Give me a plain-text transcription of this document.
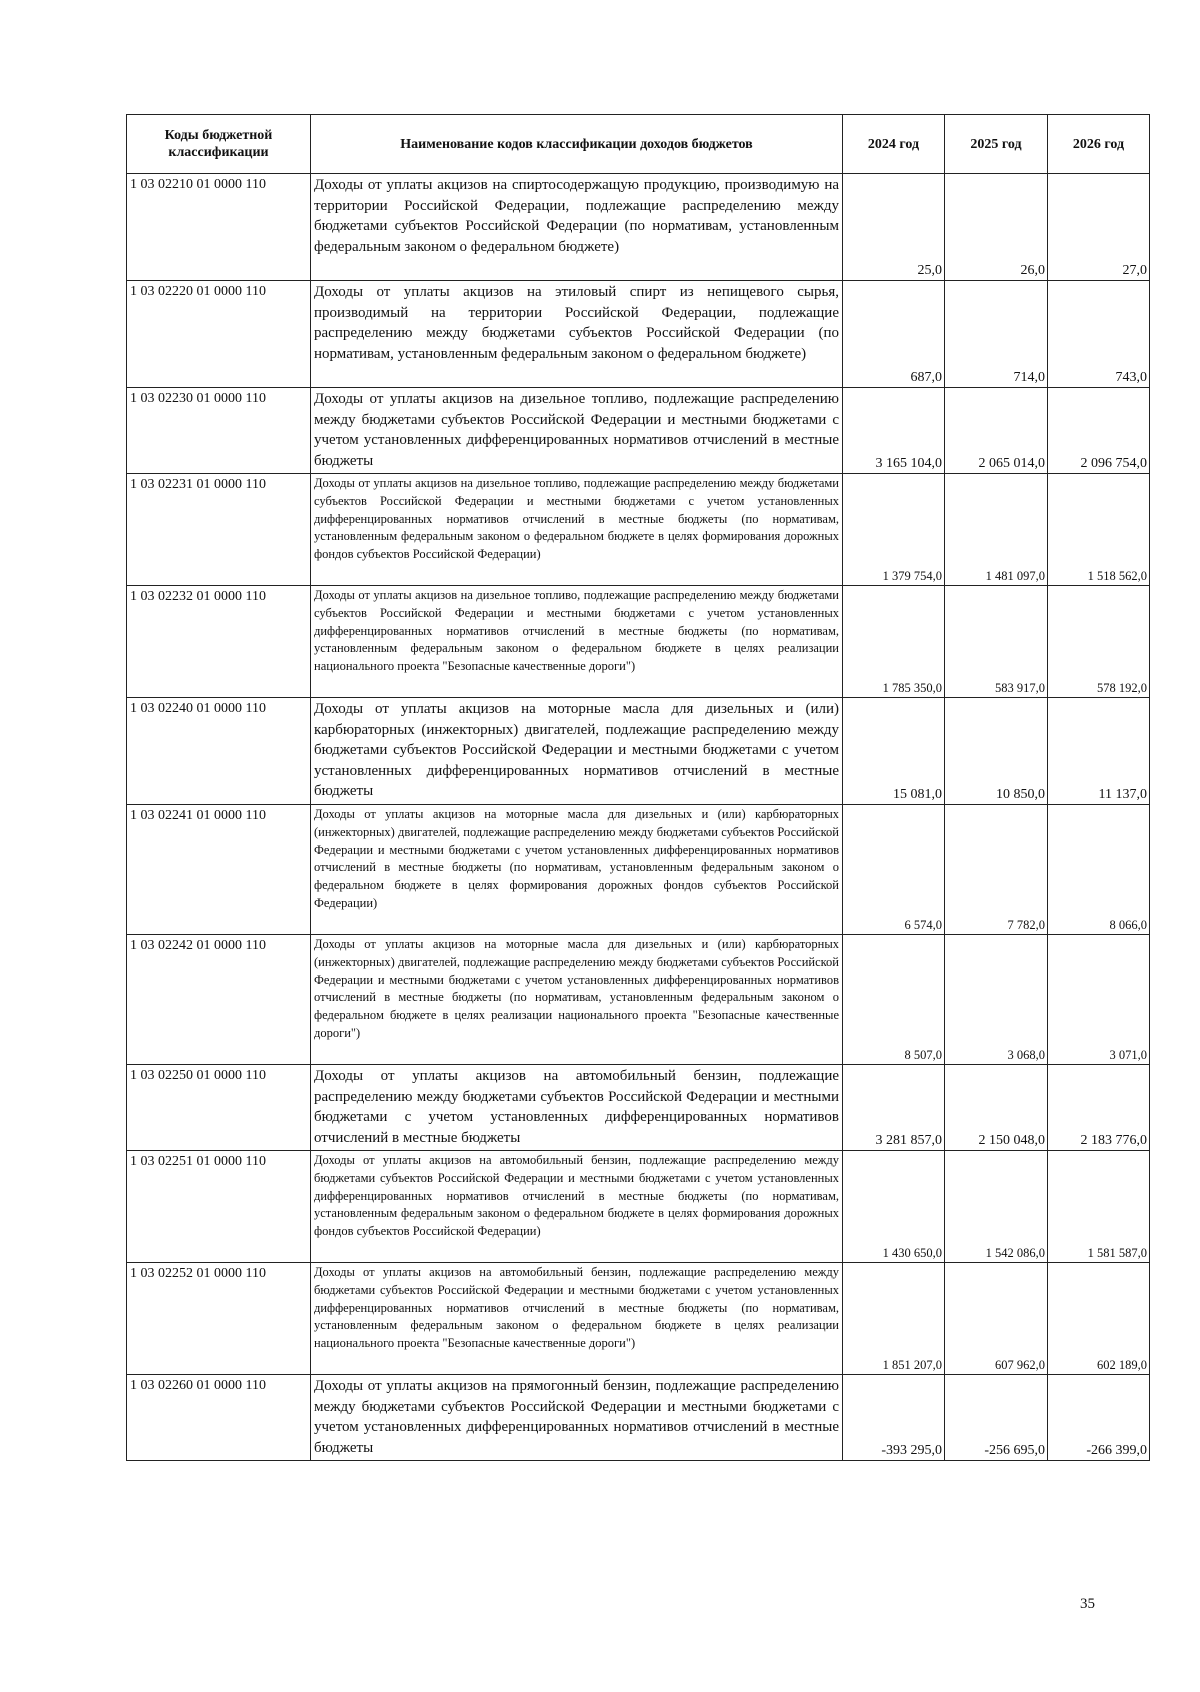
Коды бюджетной классификации	Наименование кодов классификации доходов бюджетов	2024 год	2025 год	2026 год
1 03 02210 01 0000 110	Доходы от уплаты акцизов на спиртосодержащую продукцию, производимую на территории Российской Федерации, подлежащие распределению между бюджетами субъектов Российской Федерации (по нормативам, установленным федеральным законом о федеральном бюджете)	25,0	26,0	27,0
1 03 02220 01 0000 110	Доходы от уплаты акцизов на этиловый спирт из непищевого сырья, производимый на территории Российской Федерации, подлежащие распределению между бюджетами субъектов Российской Федерации (по нормативам, установленным федеральным законом о федеральном бюджете)	687,0	714,0	743,0
1 03 02230 01 0000 110	Доходы от уплаты акцизов на дизельное топливо, подлежащие распределению между бюджетами субъектов Российской Федерации и местными бюджетами с учетом установленных дифференцированных нормативов отчислений в местные бюджеты	3 165 104,0	2 065 014,0	2 096 754,0
1 03 02231 01 0000 110	Доходы от уплаты акцизов на дизельное топливо, подлежащие распределению между бюджетами субъектов Российской Федерации и местными бюджетами с учетом установленных дифференцированных нормативов отчислений в местные бюджеты (по нормативам, установленным федеральным законом о федеральном бюджете в целях формирования дорожных фондов субъектов Российской Федерации)	1 379 754,0	1 481 097,0	1 518 562,0
1 03 02232 01 0000 110	Доходы от уплаты акцизов на дизельное топливо, подлежащие распределению между бюджетами субъектов Российской Федерации и местными бюджетами с учетом установленных дифференцированных нормативов отчислений в местные бюджеты (по нормативам, установленным федеральным законом о федеральном бюджете в целях реализации национального проекта "Безопасные качественные дороги")	1 785 350,0	583 917,0	578 192,0
1 03 02240 01 0000 110	Доходы от уплаты акцизов на моторные масла для дизельных и (или) карбюраторных (инжекторных) двигателей, подлежащие распределению между бюджетами субъектов Российской Федерации и местными бюджетами с учетом установленных дифференцированных нормативов отчислений в местные бюджеты	15 081,0	10 850,0	11 137,0
1 03 02241 01 0000 110	Доходы от уплаты акцизов на моторные масла для дизельных и (или) карбюраторных (инжекторных) двигателей, подлежащие распределению между бюджетами субъектов Российской Федерации и местными бюджетами с учетом установленных дифференцированных нормативов отчислений в местные бюджеты (по нормативам, установленным федеральным законом о федеральном бюджете в целях формирования дорожных фондов субъектов Российской Федерации)	6 574,0	7 782,0	8 066,0
1 03 02242 01 0000 110	Доходы от уплаты акцизов на моторные масла для дизельных и (или) карбюраторных (инжекторных) двигателей, подлежащие распределению между бюджетами субъектов Российской Федерации и местными бюджетами с учетом установленных дифференцированных нормативов отчислений в местные бюджеты (по нормативам, установленным федеральным законом о федеральном бюджете в целях реализации национального проекта "Безопасные качественные дороги")	8 507,0	3 068,0	3 071,0
1 03 02250 01 0000 110	Доходы от уплаты акцизов на автомобильный бензин, подлежащие распределению между бюджетами субъектов Российской Федерации и местными бюджетами с учетом установленных дифференцированных нормативов отчислений в местные бюджеты	3 281 857,0	2 150 048,0	2 183 776,0
1 03 02251 01 0000 110	Доходы от уплаты акцизов на автомобильный бензин, подлежащие распределению между бюджетами субъектов Российской Федерации и местными бюджетами с учетом установленных дифференцированных нормативов отчислений в местные бюджеты (по нормативам, установленным федеральным законом о федеральном бюджете в целях формирования дорожных фондов субъектов Российской Федерации)	1 430 650,0	1 542 086,0	1 581 587,0
1 03 02252 01 0000 110	Доходы от уплаты акцизов на автомобильный бензин, подлежащие распределению между бюджетами субъектов Российской Федерации и местными бюджетами с учетом установленных дифференцированных нормативов отчислений в местные бюджеты (по нормативам, установленным федеральным законом о федеральном бюджете в целях реализации национального проекта "Безопасные качественные дороги")	1 851 207,0	607 962,0	602 189,0
1 03 02260 01 0000 110	Доходы от уплаты акцизов на прямогонный бензин, подлежащие распределению между бюджетами субъектов Российской Федерации и местными бюджетами с учетом установленных дифференцированных нормативов отчислений в местные бюджеты	-393 295,0	-256 695,0	-266 399,0
35
